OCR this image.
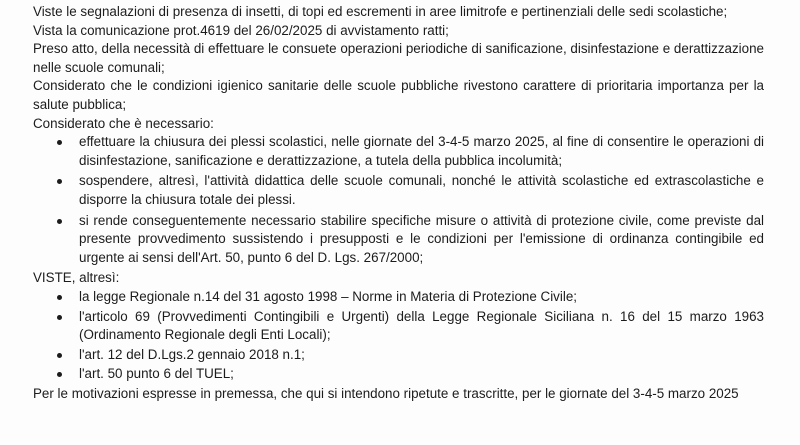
Viste le segnalazioni di presenza di insetti, di topi ed escrementi in aree limitrofe e pertinenziali delle sedi scolastiche;

Vista la comunicazione prot.4619 del 26/02/2025 di avvistamento ratti;

Preso atto, della necessità di effettuare le consuete operazioni periodiche di sanificazione, disinfestazione e derattizzazione nelle scuole comunali;

Considerato che le condizioni igienico sanitarie delle scuole pubbliche rivestono carattere di prioritaria importanza per la salute pubblica;

Considerato che è necessario:

effettuare la chiusura dei plessi scolastici, nelle giornate del 3-4-5 marzo 2025, al fine di consentire le operazioni di disinfestazione, sanificazione e derattizzazione, a tutela della pubblica incolumità;
sospendere, altresì, l'attività didattica delle scuole comunali, nonché le attività scolastiche ed extrascolastiche e disporre la chiusura totale dei plessi.
si rende conseguentemente necessario stabilire specifiche misure o attività di protezione civile, come previste dal presente provvedimento sussistendo i presupposti e le condizioni per l'emissione di ordinanza contingibile ed urgente ai sensi dell'Art. 50, punto 6 del D. Lgs. 267/2000;

VISTE, altresì:

la legge Regionale n.14 del 31 agosto 1998 – Norme in Materia di Protezione Civile;
l'articolo 69 (Provvedimenti Contingibili e Urgenti) della Legge Regionale Siciliana n. 16 del 15 marzo 1963 (Ordinamento Regionale degli Enti Locali);
l'art. 12 del D.Lgs.2 gennaio 2018 n.1;
l'art. 50 punto 6 del TUEL;

Per le motivazioni espresse in premessa, che qui si intendono ripetute e trascritte, per le giornate del 3-4-5 marzo 2025
